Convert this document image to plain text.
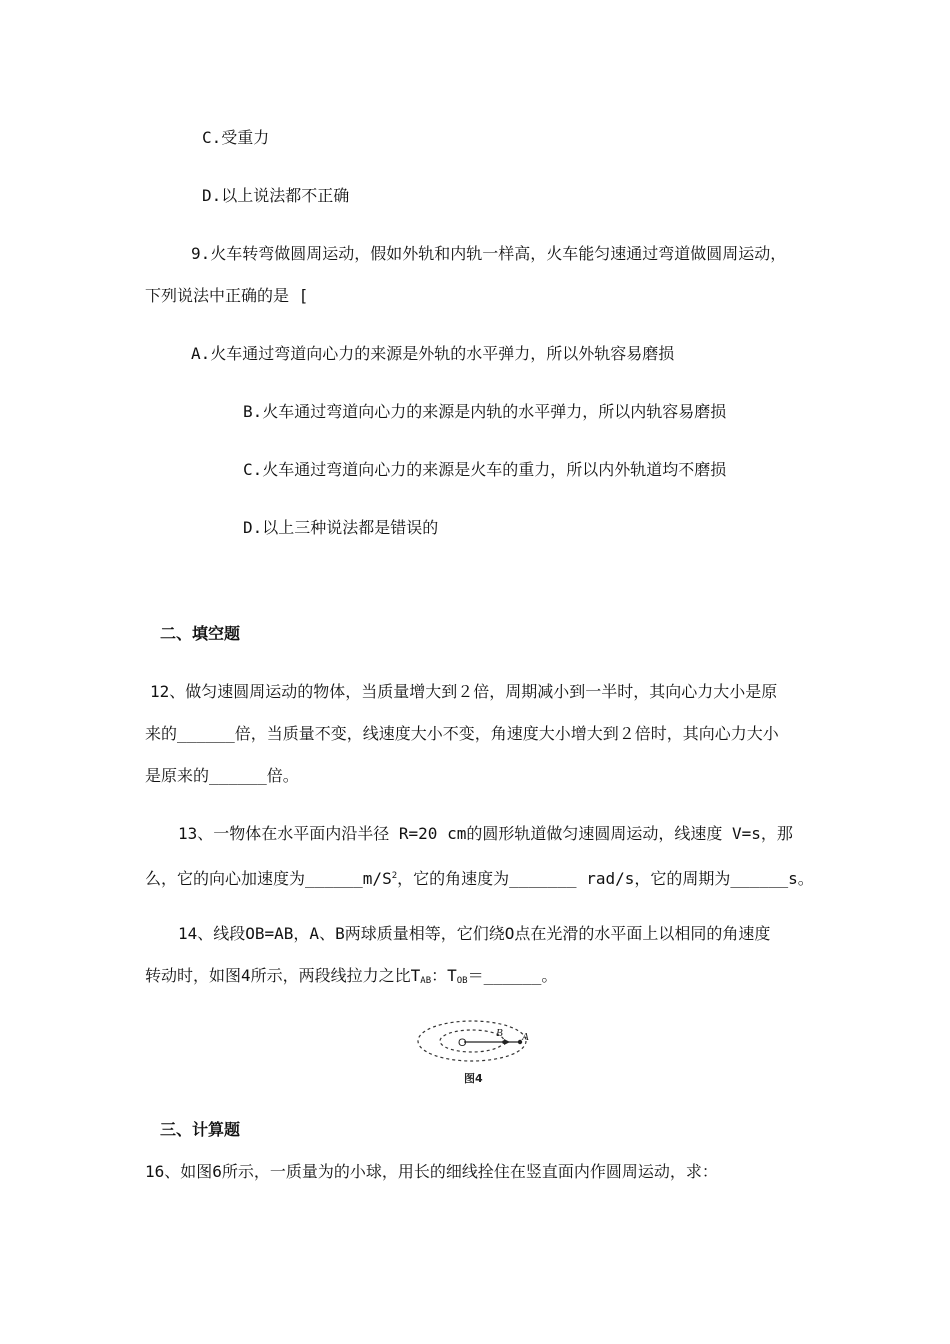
C.受重力
D.以上说法都不正确
9.火车转弯做圆周运动，假如外轨和内轨一样高，火车能匀速通过弯道做圆周运动，
下列说法中正确的是 [
A.火车通过弯道向心力的来源是外轨的水平弹力，所以外轨容易磨损
B.火车通过弯道向心力的来源是内轨的水平弹力，所以内轨容易磨损
C.火车通过弯道向心力的来源是火车的重力，所以内外轨道均不磨损
D.以上三种说法都是错误的
二、填空题
12、做匀速圆周运动的物体，当质量增大到２倍，周期减小到一半时，其向心力大小是原
来的______倍，当质量不变，线速度大小不变，角速度大小增大到２倍时，其向心力大小
是原来的______倍。
13、一物体在水平面内沿半径 R=20 cm的圆形轨道做匀速圆周运动，线速度 V=s，那
么，它的向心加速度为$\_\_\_\_\_\_m/S^2$，它的角速度为_______ rad/s，它的周期为______s。
14、线段OB=AB，A、B两球质量相等，它们绕O点在光滑的水平面上以相同的角速度
转动时，如图4所示，两段线拉力之比$T_{AB}$：$T_{OB}=\_\_\_\_\_\_$。
O
B A
图4
三、计算题
16、如图6所示，一质量为的小球，用长的细线拴住在竖直面内作圆周运动，求：
